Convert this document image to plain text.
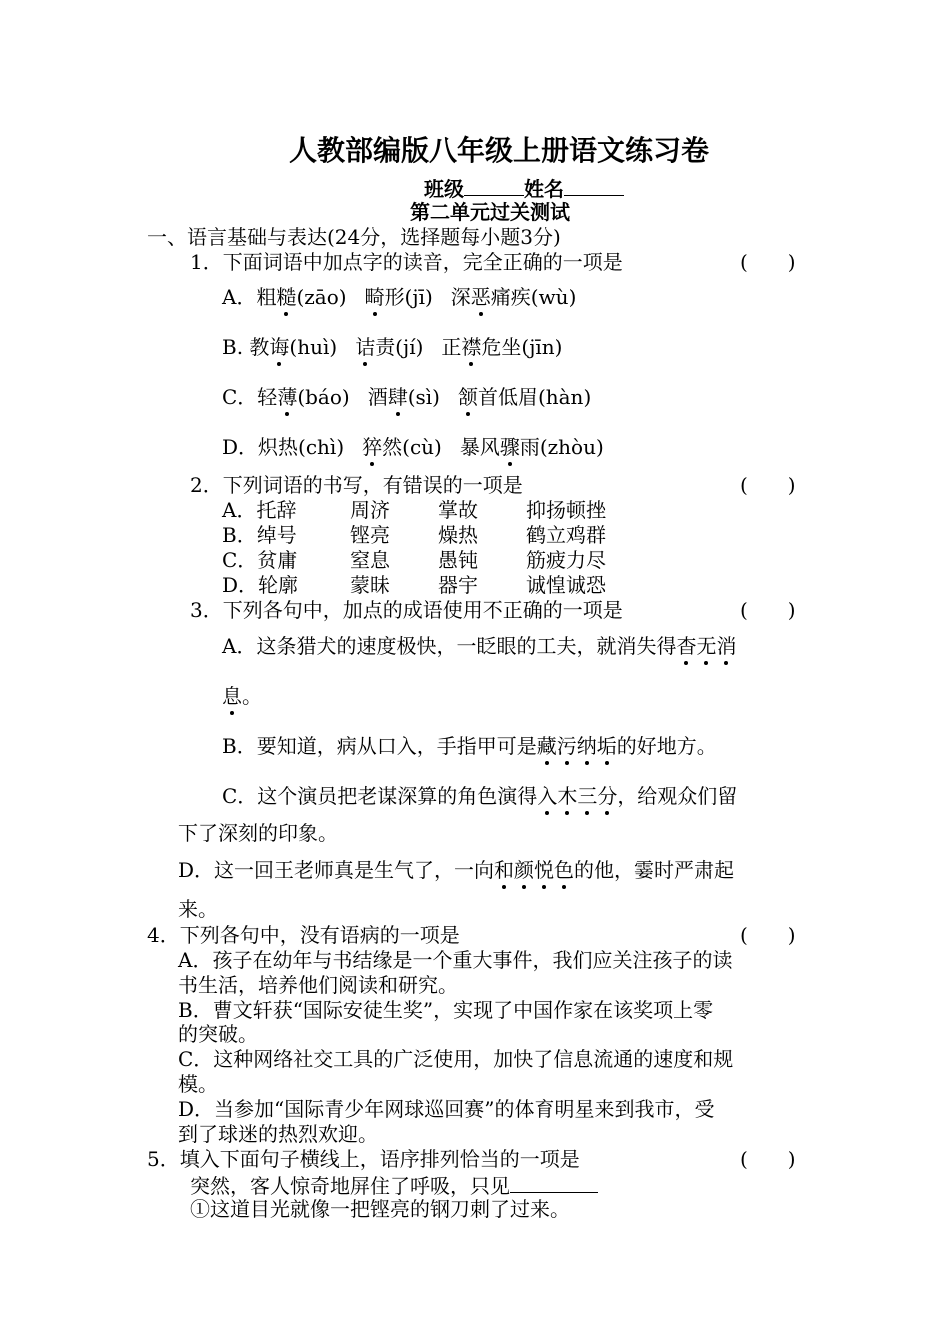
人教部编版八年级上册语文练习卷
班级	姓名
第二单元过关测试
一、语言基础与表达(24分，选择题每小题3分)
1．下面词语中加点字的读音，完全正确的一项是	(　　)
A．粗糙(zāo) 畸形(jī) 深恶痛疾(wù)
B. 教诲(huì) 诘责(jí) 正襟危坐(jīn)
C．轻薄(báo) 酒肆(sì) 颔首低眉(hàn)
D．炽热(chì) 猝然(cù) 暴风骤雨(zhòu)
2．下列词语的书写，有错误的一项是	(　　)
A．托辞	周济 掌故 抑扬顿挫
B．绰号	铿亮 燥热 鹤立鸡群
C．贫庸	窒息 愚钝 筋疲力尽
D．轮廓	蒙昧 器宇 诚惶诚恐
3．下列各句中，加点的成语使用不正确的一项是	(　　)
A．这条猎犬的速度极快，一眨眼的工夫，就消失得杳无消
息。
B．要知道，病从口入，手指甲可是藏污纳垢的好地方。
C．这个演员把老谋深算的角色演得入木三分，给观众们留
下了深刻的印象。
D．这一回王老师真是生气了，一向和颜悦色的他，霎时严肃起
来。
4．下列各句中，没有语病的一项是	(　　)
A．孩子在幼年与书结缘是一个重大事件，我们应关注孩子的读
书生活，培养他们阅读和研究。
B．曹文轩获“国际安徒生奖”，实现了中国作家在该奖项上零
的突破。
C．这种网络社交工具的广泛使用，加快了信息流通的速度和规
模。
D．当参加“国际青少年网球巡回赛”的体育明星来到我市，受
到了球迷的热烈欢迎。
5．填入下面句子横线上，语序排列恰当的一项是	(　　)
突然，客人惊奇地屏住了呼吸，只见
①这道目光就像一把铿亮的钢刀刺了过来。
